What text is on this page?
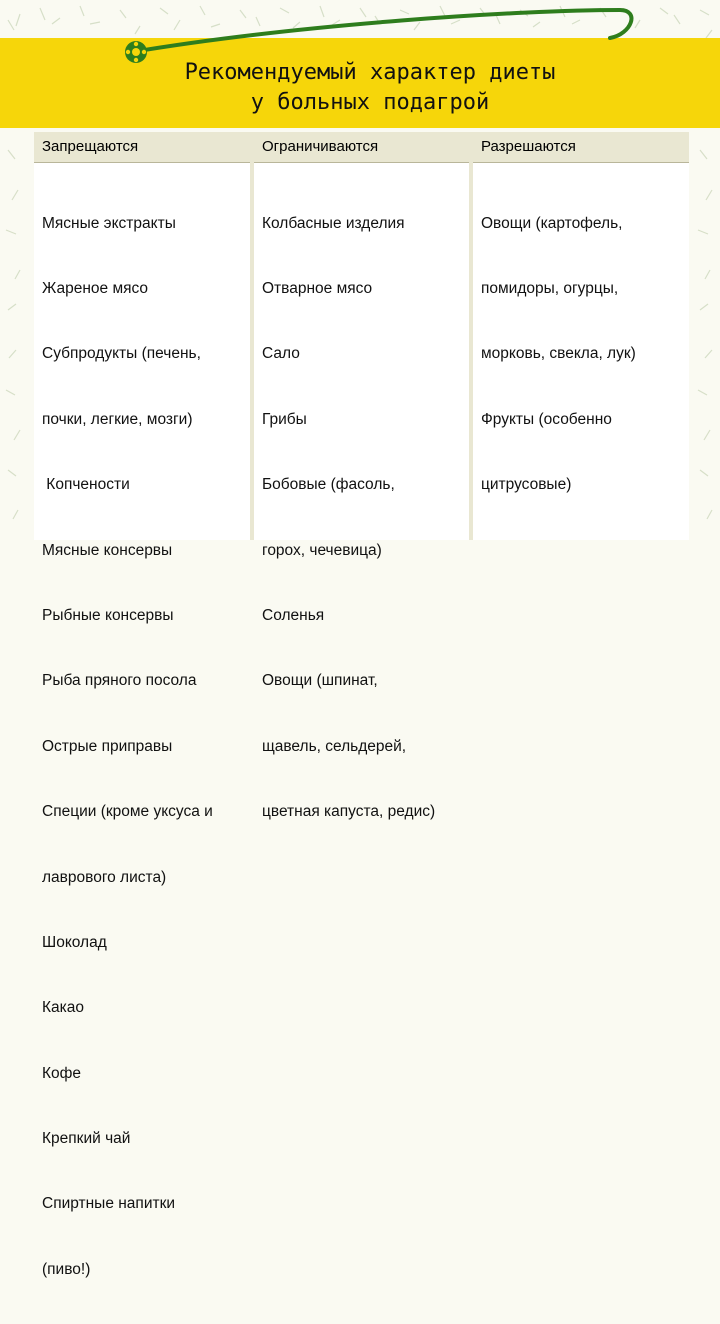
Рекомендуемый характер диеты
у больных подагрой
Запрещаются

Мясные экстракты

Жареное мясо

Субпродукты (печень,

почки, легкие, мозги)

Копчености

Мясные консервы

Рыбные консервы

Рыба пряного посола

Острые приправы

Специи (кроме уксуса и

лаврового листа)

Шоколад

Какао

Кофе

Крепкий чай

Спиртные напитки

(пиво!)

Ограничиваются

Колбасные изделия

Отварное мясо

Сало

Грибы

Бобовые (фасоль,

горох, чечевица)

Соленья

Овощи (шпинат,

щавель, сельдерей,

цветная капуста, редис)

Разрешаются

Овощи (картофель,

помидоры, огурцы,

морковь, свекла, лук)

Фрукты (особенно

цитрусовые)
